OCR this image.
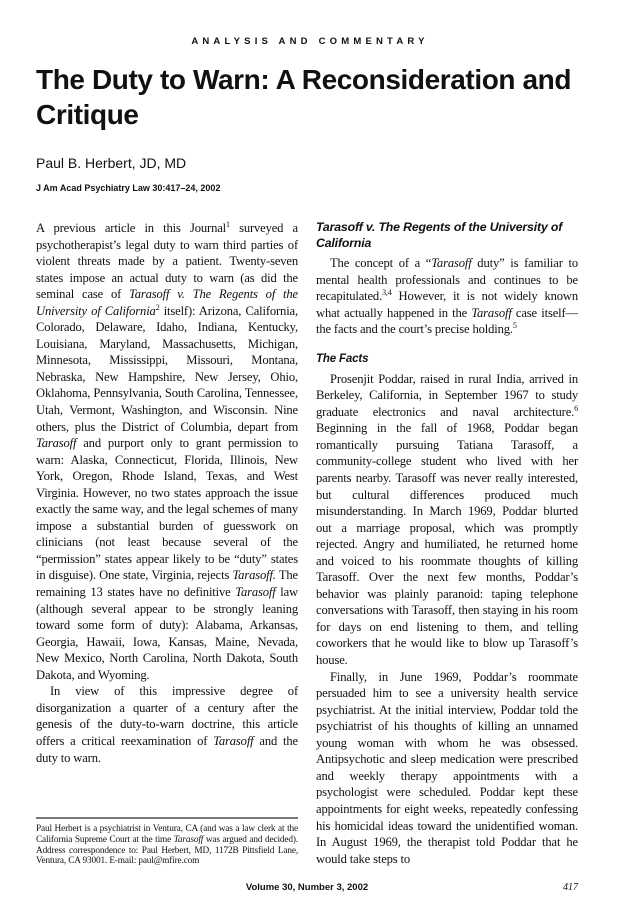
ANALYSIS AND COMMENTARY
The Duty to Warn: A Reconsideration and Critique
Paul B. Herbert, JD, MD
J Am Acad Psychiatry Law 30:417–24, 2002

A previous article in this Journal$^1$ surveyed a psychotherapist’s legal duty to warn third parties of violent threats made by a patient. Twenty-seven states impose an actual duty to warn (as did the seminal case of Tarasoff v. The Regents of the University of California$^2$ itself): Arizona, California, Colorado, Delaware, Idaho, Indiana, Kentucky, Louisiana, Maryland, Massachusetts, Michigan, Minnesota, Mississippi, Missouri, Montana, Nebraska, New Hampshire, New Jersey, Ohio, Oklahoma, Pennsylvania, South Carolina, Tennessee, Utah, Vermont, Washington, and Wisconsin. Nine others, plus the District of Columbia, depart from Tarasoff and purport only to grant permission to warn: Alaska, Connecticut, Florida, Illinois, New York, Oregon, Rhode Island, Texas, and West Virginia. However, no two states approach the issue exactly the same way, and the legal schemes of many impose a substantial burden of guesswork on clinicians (not least because several of the “permission” states appear likely to be “duty” states in disguise). One state, Virginia, rejects Tarasoff. The remaining 13 states have no definitive Tarasoff law (although several appear to be strongly leaning toward some form of duty): Alabama, Arkansas, Georgia, Hawaii, Iowa, Kansas, Maine, Nevada, New Mexico, North Carolina, North Dakota, South Dakota, and Wyoming.

In view of this impressive degree of disorganization a quarter of a century after the genesis of the duty-to-warn doctrine, this article offers a critical reexamination of Tarasoff and the duty to warn.

Paul Herbert is a psychiatrist in Ventura, CA (and was a law clerk at the California Supreme Court at the time Tarasoff was argued and decided). Address correspondence to: Paul Herbert, MD, 1172B Pittsfield Lane, Ventura, CA 93001. E-mail: paul@mfire.com
Tarasoff v. The Regents of the University of California

The concept of a “Tarasoff duty” is familiar to mental health professionals and continues to be recapitulated.$^{3,4}$ However, it is not widely known what actually happened in the Tarasoff case itself—the facts and the court’s precise holding.$^5$

The Facts

Prosenjit Poddar, raised in rural India, arrived in Berkeley, California, in September 1967 to study graduate electronics and naval architecture.$^6$ Beginning in the fall of 1968, Poddar began romantically pursuing Tatiana Tarasoff, a community-college student who lived with her parents nearby. Tarasoff was never really interested, but cultural differences produced much misunderstanding. In March 1969, Poddar blurted out a marriage proposal, which was promptly rejected. Angry and humiliated, he returned home and voiced to his roommate thoughts of killing Tarasoff. Over the next few months, Poddar’s behavior was plainly paranoid: taping telephone conversations with Tarasoff, then staying in his room for days on end listening to them, and telling coworkers that he would like to blow up Tarasoff’s house.

Finally, in June 1969, Poddar’s roommate persuaded him to see a university health service psychiatrist. At the initial interview, Poddar told the psychiatrist of his thoughts of killing an unnamed young woman with whom he was obsessed. Antipsychotic and sleep medication were prescribed and weekly therapy appointments with a psychologist were scheduled. Poddar kept these appointments for eight weeks, repeatedly confessing his homicidal ideas toward the unidentified woman. In August 1969, the therapist told Poddar that he would take steps to

Volume 30, Number 3, 2002	417
